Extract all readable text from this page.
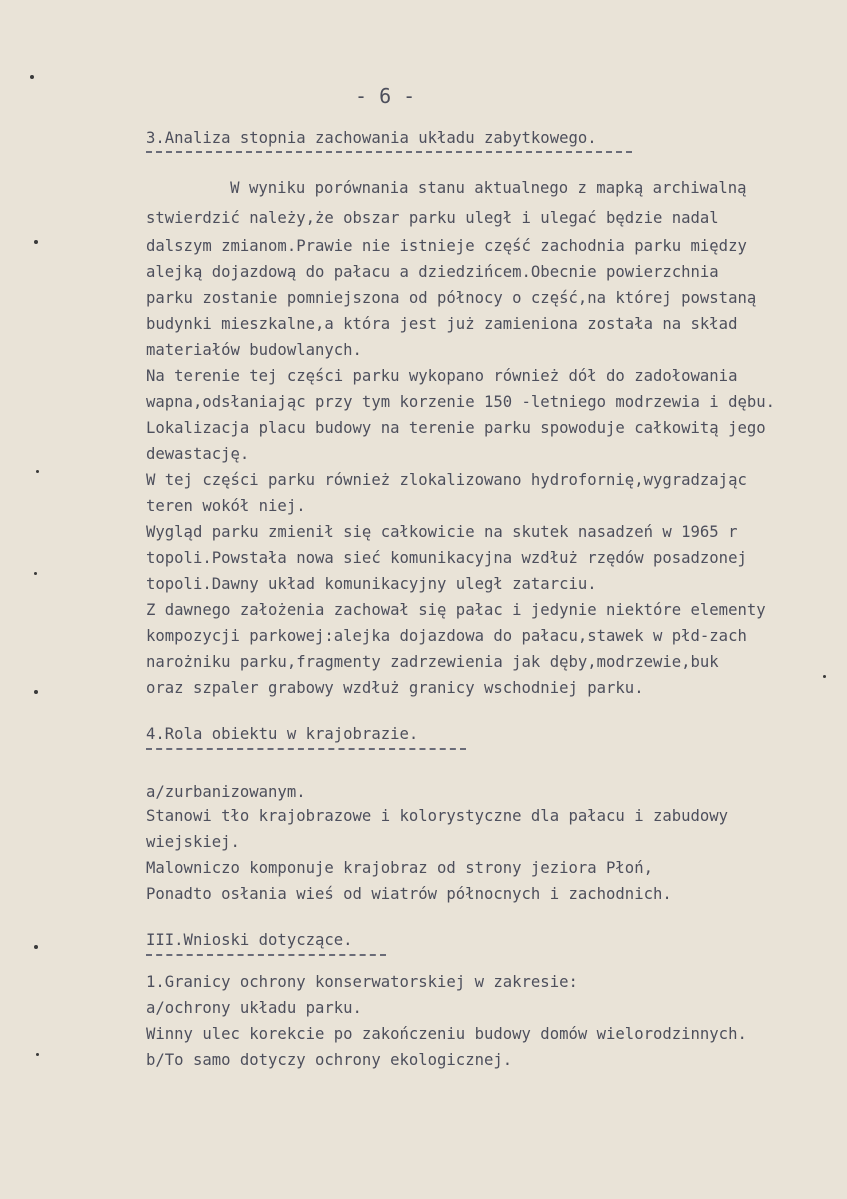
- 6 -
3.Analiza stopnia zachowania układu zabytkowego.
W wyniku porównania stanu aktualnego z mapką archiwalną
stwierdzić należy,że obszar parku uległ i ulegać będzie nadal
dalszym zmianom.Prawie nie istnieje część zachodnia parku między
alejką dojazdową do pałacu a dziedzińcem.Obecnie powierzchnia
parku zostanie pomniejszona od północy o część,na której powstaną
budynki mieszkalne,a która jest już zamieniona została na skład
materiałów budowlanych.
Na terenie tej części parku wykopano również dół do zadołowania
wapna,odsłaniając przy tym korzenie 150 -letniego modrzewia i dębu.
Lokalizacja placu budowy na terenie parku spowoduje całkowitą jego
dewastację.
W tej części parku również zlokalizowano hydrofornię,wygradzając
teren wokół niej.
Wygląd parku zmienił się całkowicie na skutek nasadzeń w 1965 r
topoli.Powstała nowa sieć komunikacyjna wzdłuż rzędów posadzonej
topoli.Dawny układ komunikacyjny uległ zatarciu.
Z dawnego założenia zachował się pałac i jedynie niektóre elementy
kompozycji parkowej:alejka dojazdowa do pałacu,stawek w płd-zach
narożniku parku,fragmenty zadrzewienia jak dęby,modrzewie,buk
oraz szpaler grabowy wzdłuż granicy wschodniej parku.
4.Rola obiektu w krajobrazie.
a/zurbanizowanym.
Stanowi tło krajobrazowe i kolorystyczne dla pałacu i zabudowy
wiejskiej.
Malowniczo komponuje krajobraz od strony jeziora Płoń,
Ponadto osłania wieś od wiatrów północnych i zachodnich.
III.Wnioski dotyczące.
1.Granicy ochrony konserwatorskiej w zakresie:
a/ochrony układu parku.
Winny ulec korekcie po zakończeniu budowy domów wielorodzinnych.
b/To samo dotyczy ochrony ekologicznej.
